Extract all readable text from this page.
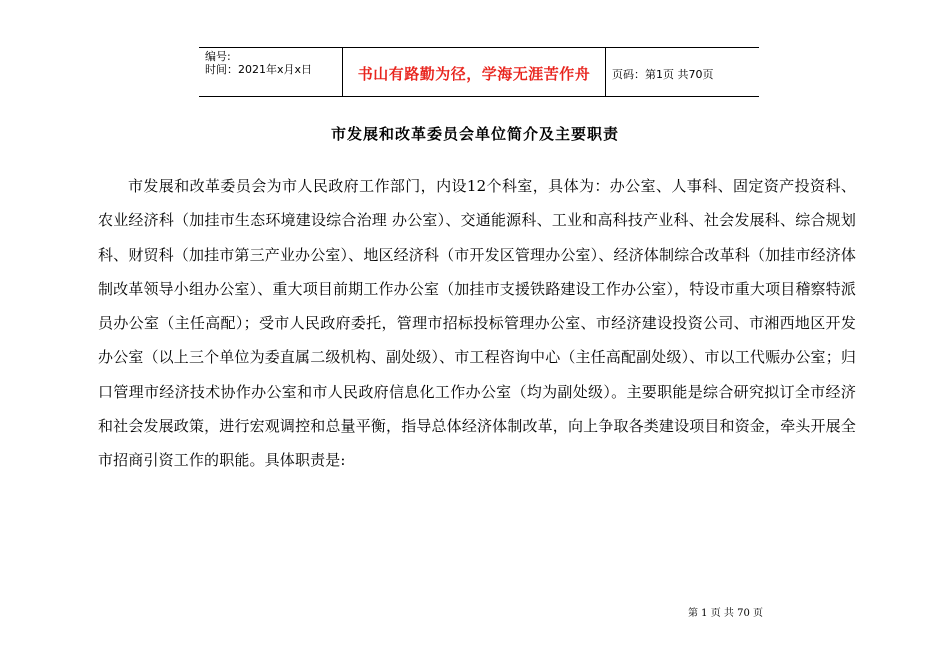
编号:
时间：2021年x月x日	书山有路勤为径，学海无涯苦作舟	页码：第1页 共70页
市发展和改革委员会单位简介及主要职责

市发展和改革委员会为市人民政府工作部门，内设12个科室，具体为：办公室、人事科、固定资产投资科、农业经济科（加挂市生态环境建设综合治理 办公室）、交通能源科、工业和高科技产业科、社会发展科、综合规划科、财贸科（加挂市第三产业办公室）、地区经济科（市开发区管理办公室）、经济体制综合改革科（加挂市经济体制改革领导小组办公室）、重大项目前期工作办公室（加挂市支援铁路建设工作办公室），特设市重大项目稽察特派员办公室（主任高配）；受市人民政府委托，管理市招标投标管理办公室、市经济建设投资公司、市湘西地区开发办公室（以上三个单位为委直属二级机构、副处级）、市工程咨询中心（主任高配副处级）、市以工代赈办公室；归口管理市经济技术协作办公室和市人民政府信息化工作办公室（均为副处级）。主要职能是综合研究拟订全市经济和社会发展政策，进行宏观调控和总量平衡，指导总体经济体制改革，向上争取各类建设项目和资金，牵头开展全市招商引资工作的职能。具体职责是:

第 1 页 共 70 页
